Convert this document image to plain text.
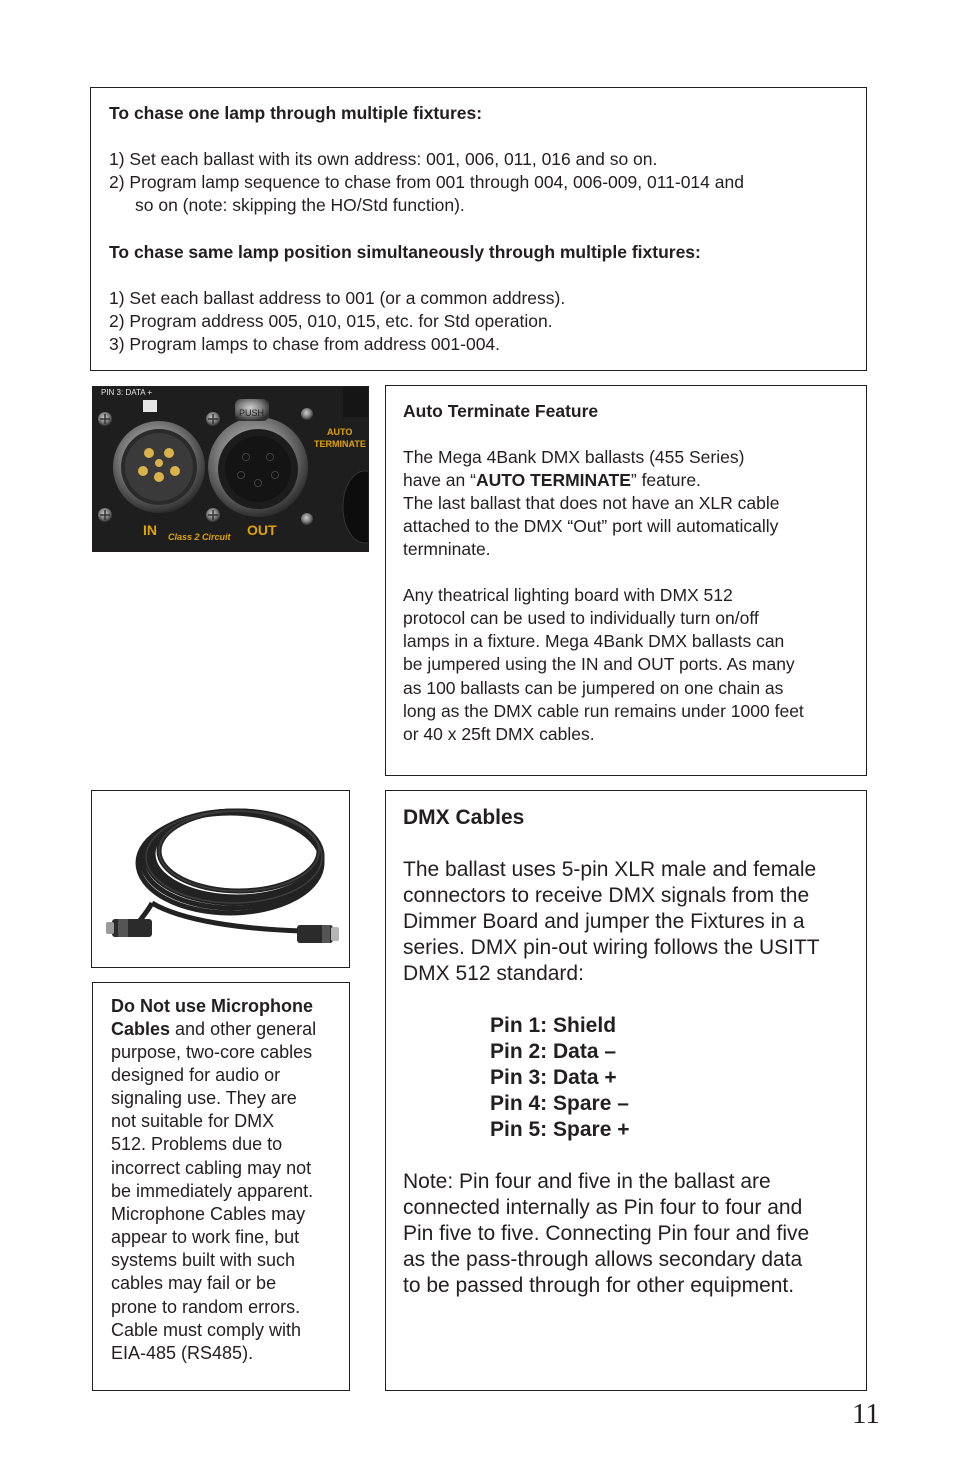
To chase one lamp through multiple fixtures:
1) Set each ballast with its own address: 001, 006, 011, 016 and so on.
2) Program lamp sequence to chase from 001 through 004, 006-009, 011-014 and
so on (note: skipping the HO/Std function).
To chase same lamp position simultaneously through multiple fixtures:
1) Set each ballast address to 001 (or a common address).
2) Program address 005, 010, 015, etc. for Std operation.
3) Program lamps to chase from address 001-004.
PIN 3: DATA +
PUSH
AUTO
TERMINATE
IN Class 2 Circuit OUT
Auto Terminate Feature
The Mega 4Bank DMX ballasts (455 Series)
have an “AUTO TERMINATE” feature.
The last ballast that does not have an XLR cable
attached to the DMX “Out” port will automatically
termninate.
Any theatrical lighting board with DMX 512
protocol can be used to individually turn on/off
lamps in a fixture. Mega 4Bank DMX ballasts can
be jumpered using the IN and OUT ports. As many
as 100 ballasts can be jumpered on one chain as
long as the DMX cable run remains under 1000 feet
or 40 x 25ft DMX cables.
Do Not use Microphone
Cables and other general
purpose, two-core cables
designed for audio or
signaling use. They are
not suitable for DMX
512. Problems due to
incorrect cabling may not
be immediately apparent.
Microphone Cables may
appear to work fine, but
systems built with such
cables may fail or be
prone to random errors.
Cable must comply with
EIA-485 (RS485).
DMX Cables
The ballast uses 5-pin XLR male and female
connectors to receive DMX signals from the
Dimmer Board and jumper the Fixtures in a
series. DMX pin-out wiring follows the USITT
DMX 512 standard:
Pin 1: Shield
Pin 2: Data –
Pin 3: Data +
Pin 4: Spare –
Pin 5: Spare +
Note: Pin four and five in the ballast are
connected internally as Pin four to four and
Pin five to five. Connecting Pin four and five
as the pass-through allows secondary data
to be passed through for other equipment.
11
